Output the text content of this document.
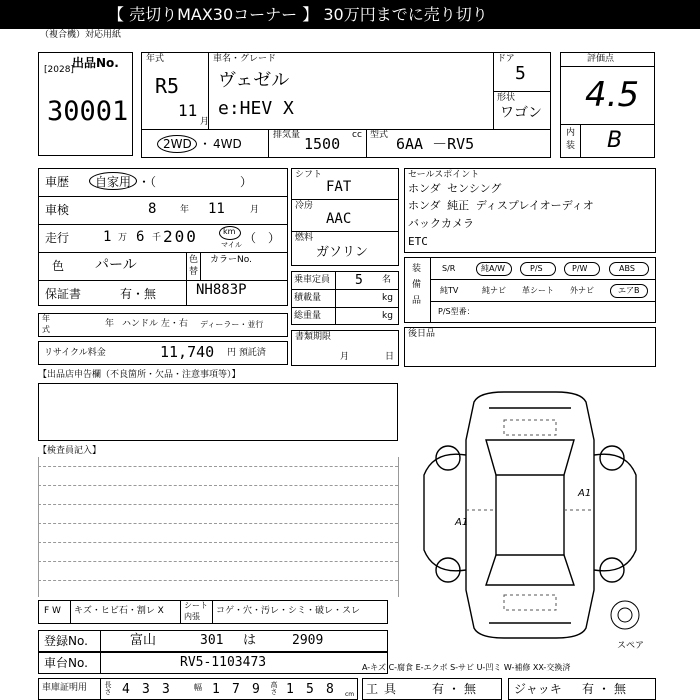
【 売切りMAX30コーナー 】 30万円までに売り切り
（複合機）対応用紙
出品No.
[2028]
30001
年式
R5
11
月
車名・グレード
ヴェゼル
e:HEV X
ドア
5
形状
ワゴン
2WD ・ 4WD
排気量 1500 cc 型式 6AA －RV5
評価点
4.5
内
装 B
車歴 自家用 ・（　　　　　　　）
車検	8	年 11	月
走行 1 万 6 千 200	km
マイル （　）
色 パール	色
替
カラーNo.
NH883P
保証書	有・無
年
式
年 ハンドル 左・右 ディーラー・並行
リサイクル料金	11,740 円 預託済
【出品店申告欄（不良箇所・欠品・注意事項等）】
シフト
FAT
冷房
AAC
燃料
ガソリン
乗車定員 5 名
積載量	kg
総重量	kg
書類期限
月	日
セールスポイント
ホンダ センシング
ホンダ 純正 ディスプレイオーディオ
バックカメラ
ETC
装
備
品
S/R	純A/W	P/S	P/W	ABS
純TV	純ナビ 革シート 外ナビ	エアB
P/S型番：
後日品
【検査員記入】
A1
A1
スペア
F W キズ・ヒビ石・割レ X
シート
内張
コゲ・穴・汚レ・シミ・破レ・スレ
登録No.	富山	301 は	2909
車台No.	RV5-1103473
車庫証明用 長さ 4 3 3	幅 1 7 9 高さ 1 5 8 cm
A-キズ C-腐食 E-エクボ S-サビ U-凹ミ W-補修 XX-交換済
工具 有・無	ジャッキ 有・無
